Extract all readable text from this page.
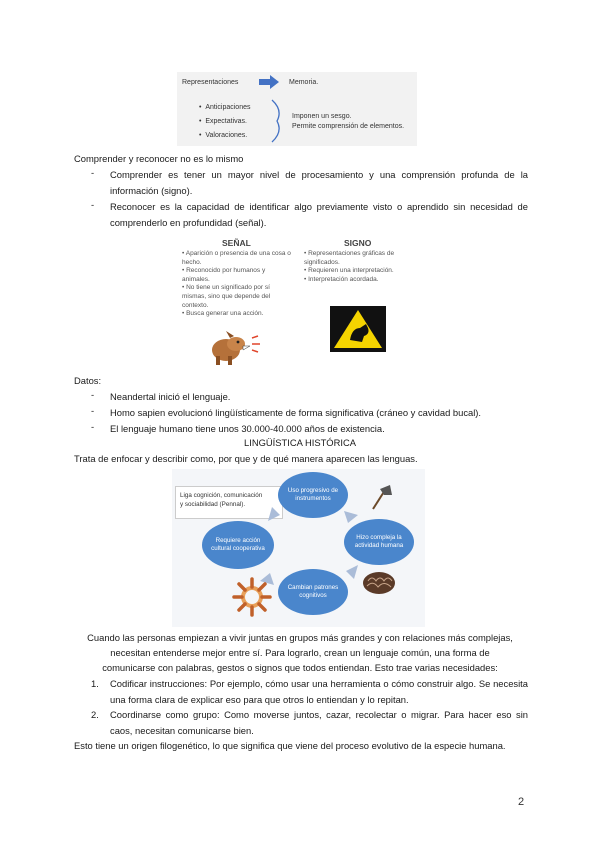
Representaciones	Memoria.
•  Anticipaciones
•  Expectativas.
•  Valoraciones.
Imponen un sesgo.
Permite comprensión de elementos.
Comprender y reconocer no es lo mismo
- Comprender es tener un mayor nivel de procesamiento y una comprensión profunda de la información (signo).
- Reconocer es la capacidad de identificar algo previamente visto o aprendido sin necesidad de comprenderlo en profundidad (señal).
SEÑAL	SIGNO
• Aparición o presencia de una cosa o hecho.
• Reconocido por humanos y animales.
• No tiene un significado por sí mismas, sino que depende del contexto.
• Busca generar una acción.
• Representaciones gráficas de significados.
• Requieren una interpretación.
• Interpretación acordada.
Datos:
- Neandertal inició el lenguaje.
- Homo sapien evolucionó lingüísticamente de forma significativa (cráneo y cavidad bucal).
- El lenguaje humano tiene unos 30.000-40.000 años de existencia.
LINGÜÍSTICA HISTÓRICA
Trata de enfocar y describir como, por que y de qué manera aparecen las lenguas.
Liga cognición, comunicación
y sociabilidad (Pennal).
Uso progresivo de instrumentos
Hizo compleja la actividad humana
Cambian patrones cognitivos
Requiere acción cultural cooperativa
Cuando las personas empiezan a vivir juntas en grupos más grandes y con relaciones más complejas,
necesitan entenderse mejor entre sí. Para lograrlo, crean un lenguaje común, una forma de
comunicarse con palabras, gestos o signos que todos entiendan. Esto trae varias necesidades:
1. Codificar instrucciones: Por ejemplo, cómo usar una herramienta o cómo construir algo. Se necesita una forma clara de explicar eso para que otros lo entiendan y lo repitan.
2. Coordinarse como grupo: Como moverse juntos, cazar, recolectar o migrar. Para hacer eso sin caos, necesitan comunicarse bien.
Esto tiene un origen filogenético, lo que significa que viene del proceso evolutivo de la especie humana.
2
